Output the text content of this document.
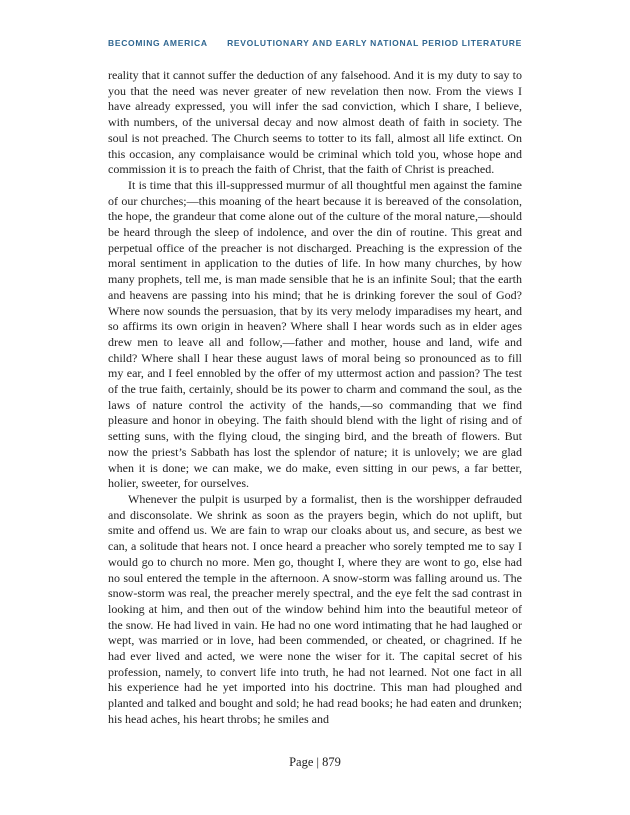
BECOMING AMERICA REVOLUTIONARY AND EARLY NATIONAL PERIOD LITERATURE

reality that it cannot suffer the deduction of any falsehood. And it is my duty to say to you that the need was never greater of new revelation then now. From the views I have already expressed, you will infer the sad conviction, which I share, I believe, with numbers, of the universal decay and now almost death of faith in society. The soul is not preached. The Church seems to totter to its fall, almost all life extinct. On this occasion, any complaisance would be criminal which told you, whose hope and commission it is to preach the faith of Christ, that the faith of Christ is preached.

It is time that this ill-suppressed murmur of all thoughtful men against the famine of our churches;—this moaning of the heart because it is bereaved of the consolation, the hope, the grandeur that come alone out of the culture of the moral nature,—should be heard through the sleep of indolence, and over the din of routine. This great and perpetual office of the preacher is not discharged. Preaching is the expression of the moral sentiment in application to the duties of life. In how many churches, by how many prophets, tell me, is man made sensible that he is an infinite Soul; that the earth and heavens are passing into his mind; that he is drinking forever the soul of God? Where now sounds the persuasion, that by its very melody imparadises my heart, and so affirms its own origin in heaven? Where shall I hear words such as in elder ages drew men to leave all and follow,—father and mother, house and land, wife and child? Where shall I hear these august laws of moral being so pronounced as to fill my ear, and I feel ennobled by the offer of my uttermost action and passion? The test of the true faith, certainly, should be its power to charm and command the soul, as the laws of nature control the activity of the hands,—so commanding that we find pleasure and honor in obeying. The faith should blend with the light of rising and of setting suns, with the flying cloud, the singing bird, and the breath of flowers. But now the priest’s Sabbath has lost the splendor of nature; it is unlovely; we are glad when it is done; we can make, we do make, even sitting in our pews, a far better, holier, sweeter, for ourselves.

Whenever the pulpit is usurped by a formalist, then is the worshipper defrauded and disconsolate. We shrink as soon as the prayers begin, which do not uplift, but smite and offend us. We are fain to wrap our cloaks about us, and secure, as best we can, a solitude that hears not. I once heard a preacher who sorely tempted me to say I would go to church no more. Men go, thought I, where they are wont to go, else had no soul entered the temple in the afternoon. A snow-storm was falling around us. The snow-storm was real, the preacher merely spectral, and the eye felt the sad contrast in looking at him, and then out of the window behind him into the beautiful meteor of the snow. He had lived in vain. He had no one word intimating that he had laughed or wept, was married or in love, had been commended, or cheated, or chagrined. If he had ever lived and acted, we were none the wiser for it. The capital secret of his profession, namely, to convert life into truth, he had not learned. Not one fact in all his experience had he yet imported into his doctrine. This man had ploughed and planted and talked and bought and sold; he had read books; he had eaten and drunken; his head aches, his heart throbs; he smiles and

Page | 879
